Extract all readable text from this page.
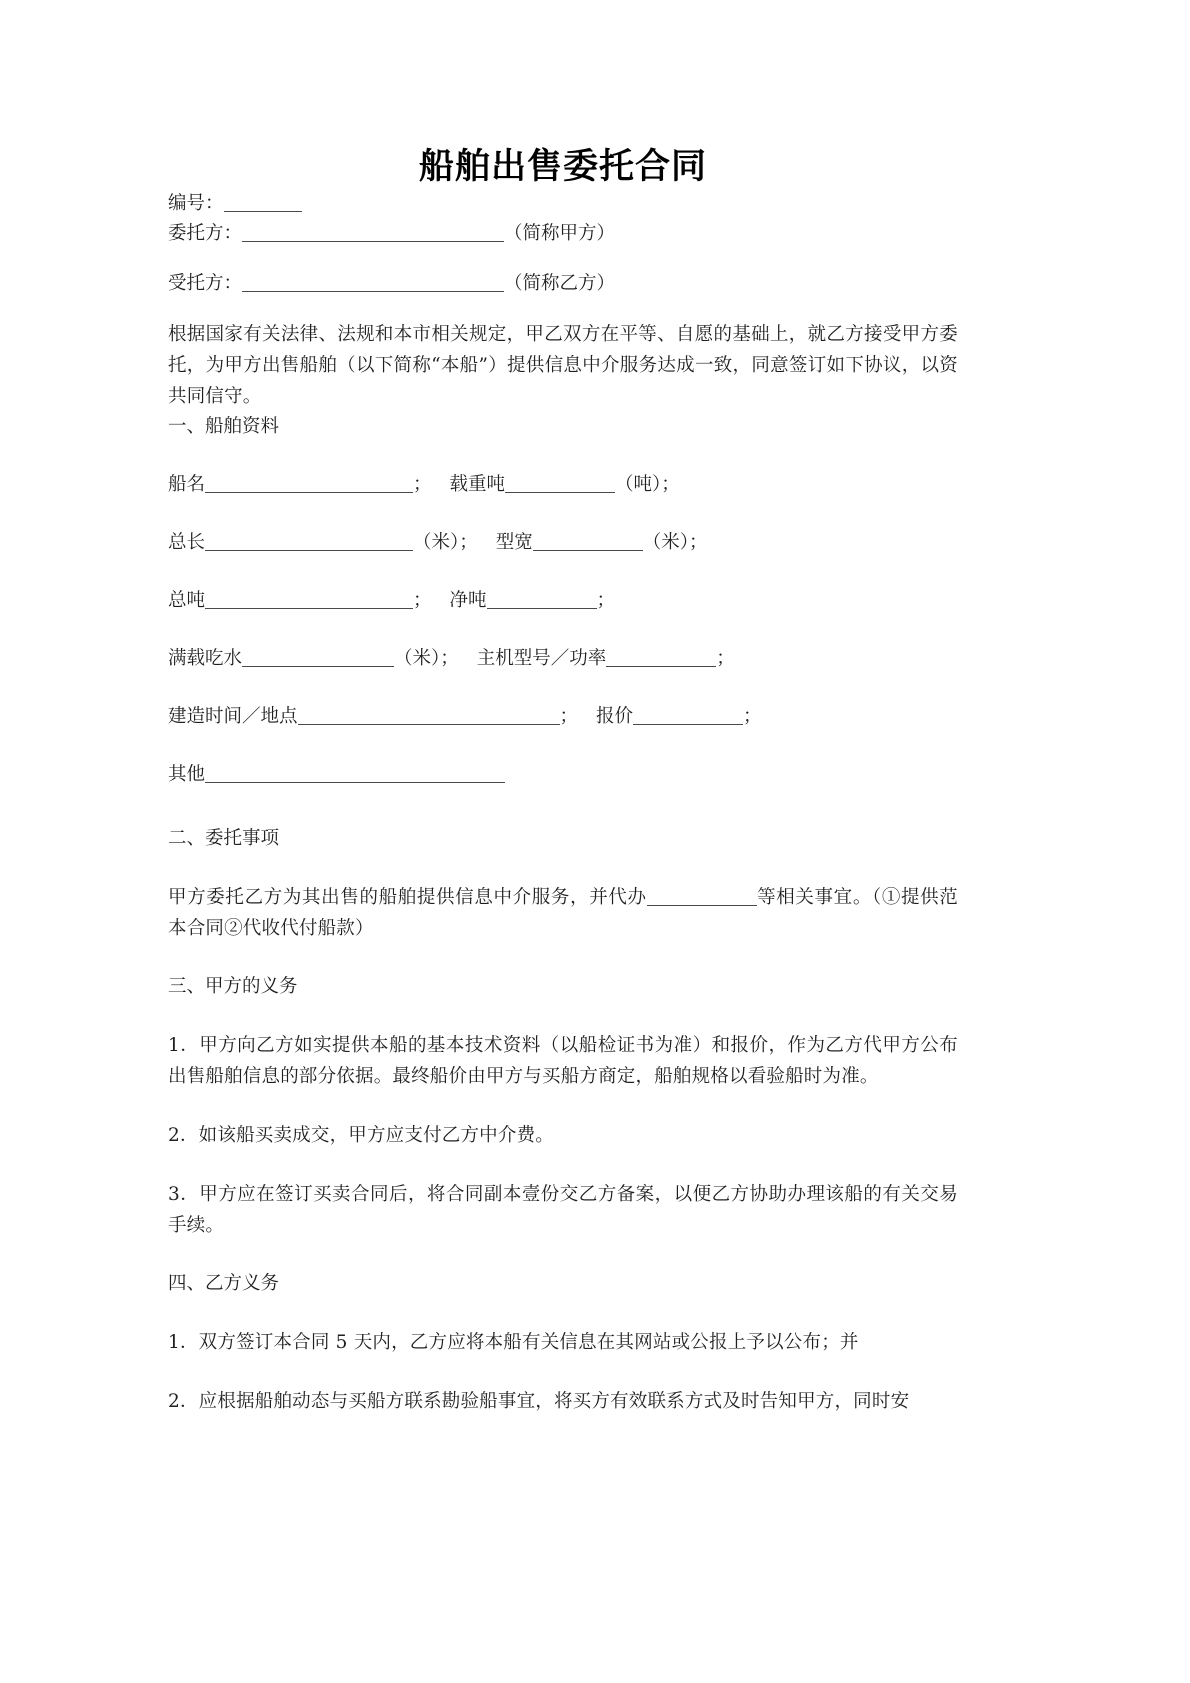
船舶出售委托合同
编号：
委托方：	（简称甲方）
受托方：	（简称乙方）

根据国家有关法律、法规和本市相关规定，甲乙双方在平等、自愿的基础上，就乙方接受甲方委托，为甲方出售船舶（以下简称“本船”）提供信息中介服务达成一致，同意签订如下协议，以资共同信守。

一、船舶资料
船名	； 载重吨	（吨）；
总长	（米）； 型宽	（米）；
总吨	； 净吨	；
满载吃水	（米）； 主机型号／功率	；
建造时间／地点	； 报价	；
其他
二、委托事项

甲方委托乙方为其出售的船舶提供信息中介服务，并代办	等相关事宜。（①提供范本合同②代收代付船款）

三、甲方的义务

1．甲方向乙方如实提供本船的基本技术资料（以船检证书为准）和报价，作为乙方代甲方公布出售船舶信息的部分依据。最终船价由甲方与买船方商定，船舶规格以看验船时为准。

2．如该船买卖成交，甲方应支付乙方中介费。

3．甲方应在签订买卖合同后，将合同副本壹份交乙方备案，以便乙方协助办理该船的有关交易手续。

四、乙方义务

1．双方签订本合同 5 天内，乙方应将本船有关信息在其网站或公报上予以公布；并

2．应根据船舶动态与买船方联系勘验船事宜，将买方有效联系方式及时告知甲方，同时安
